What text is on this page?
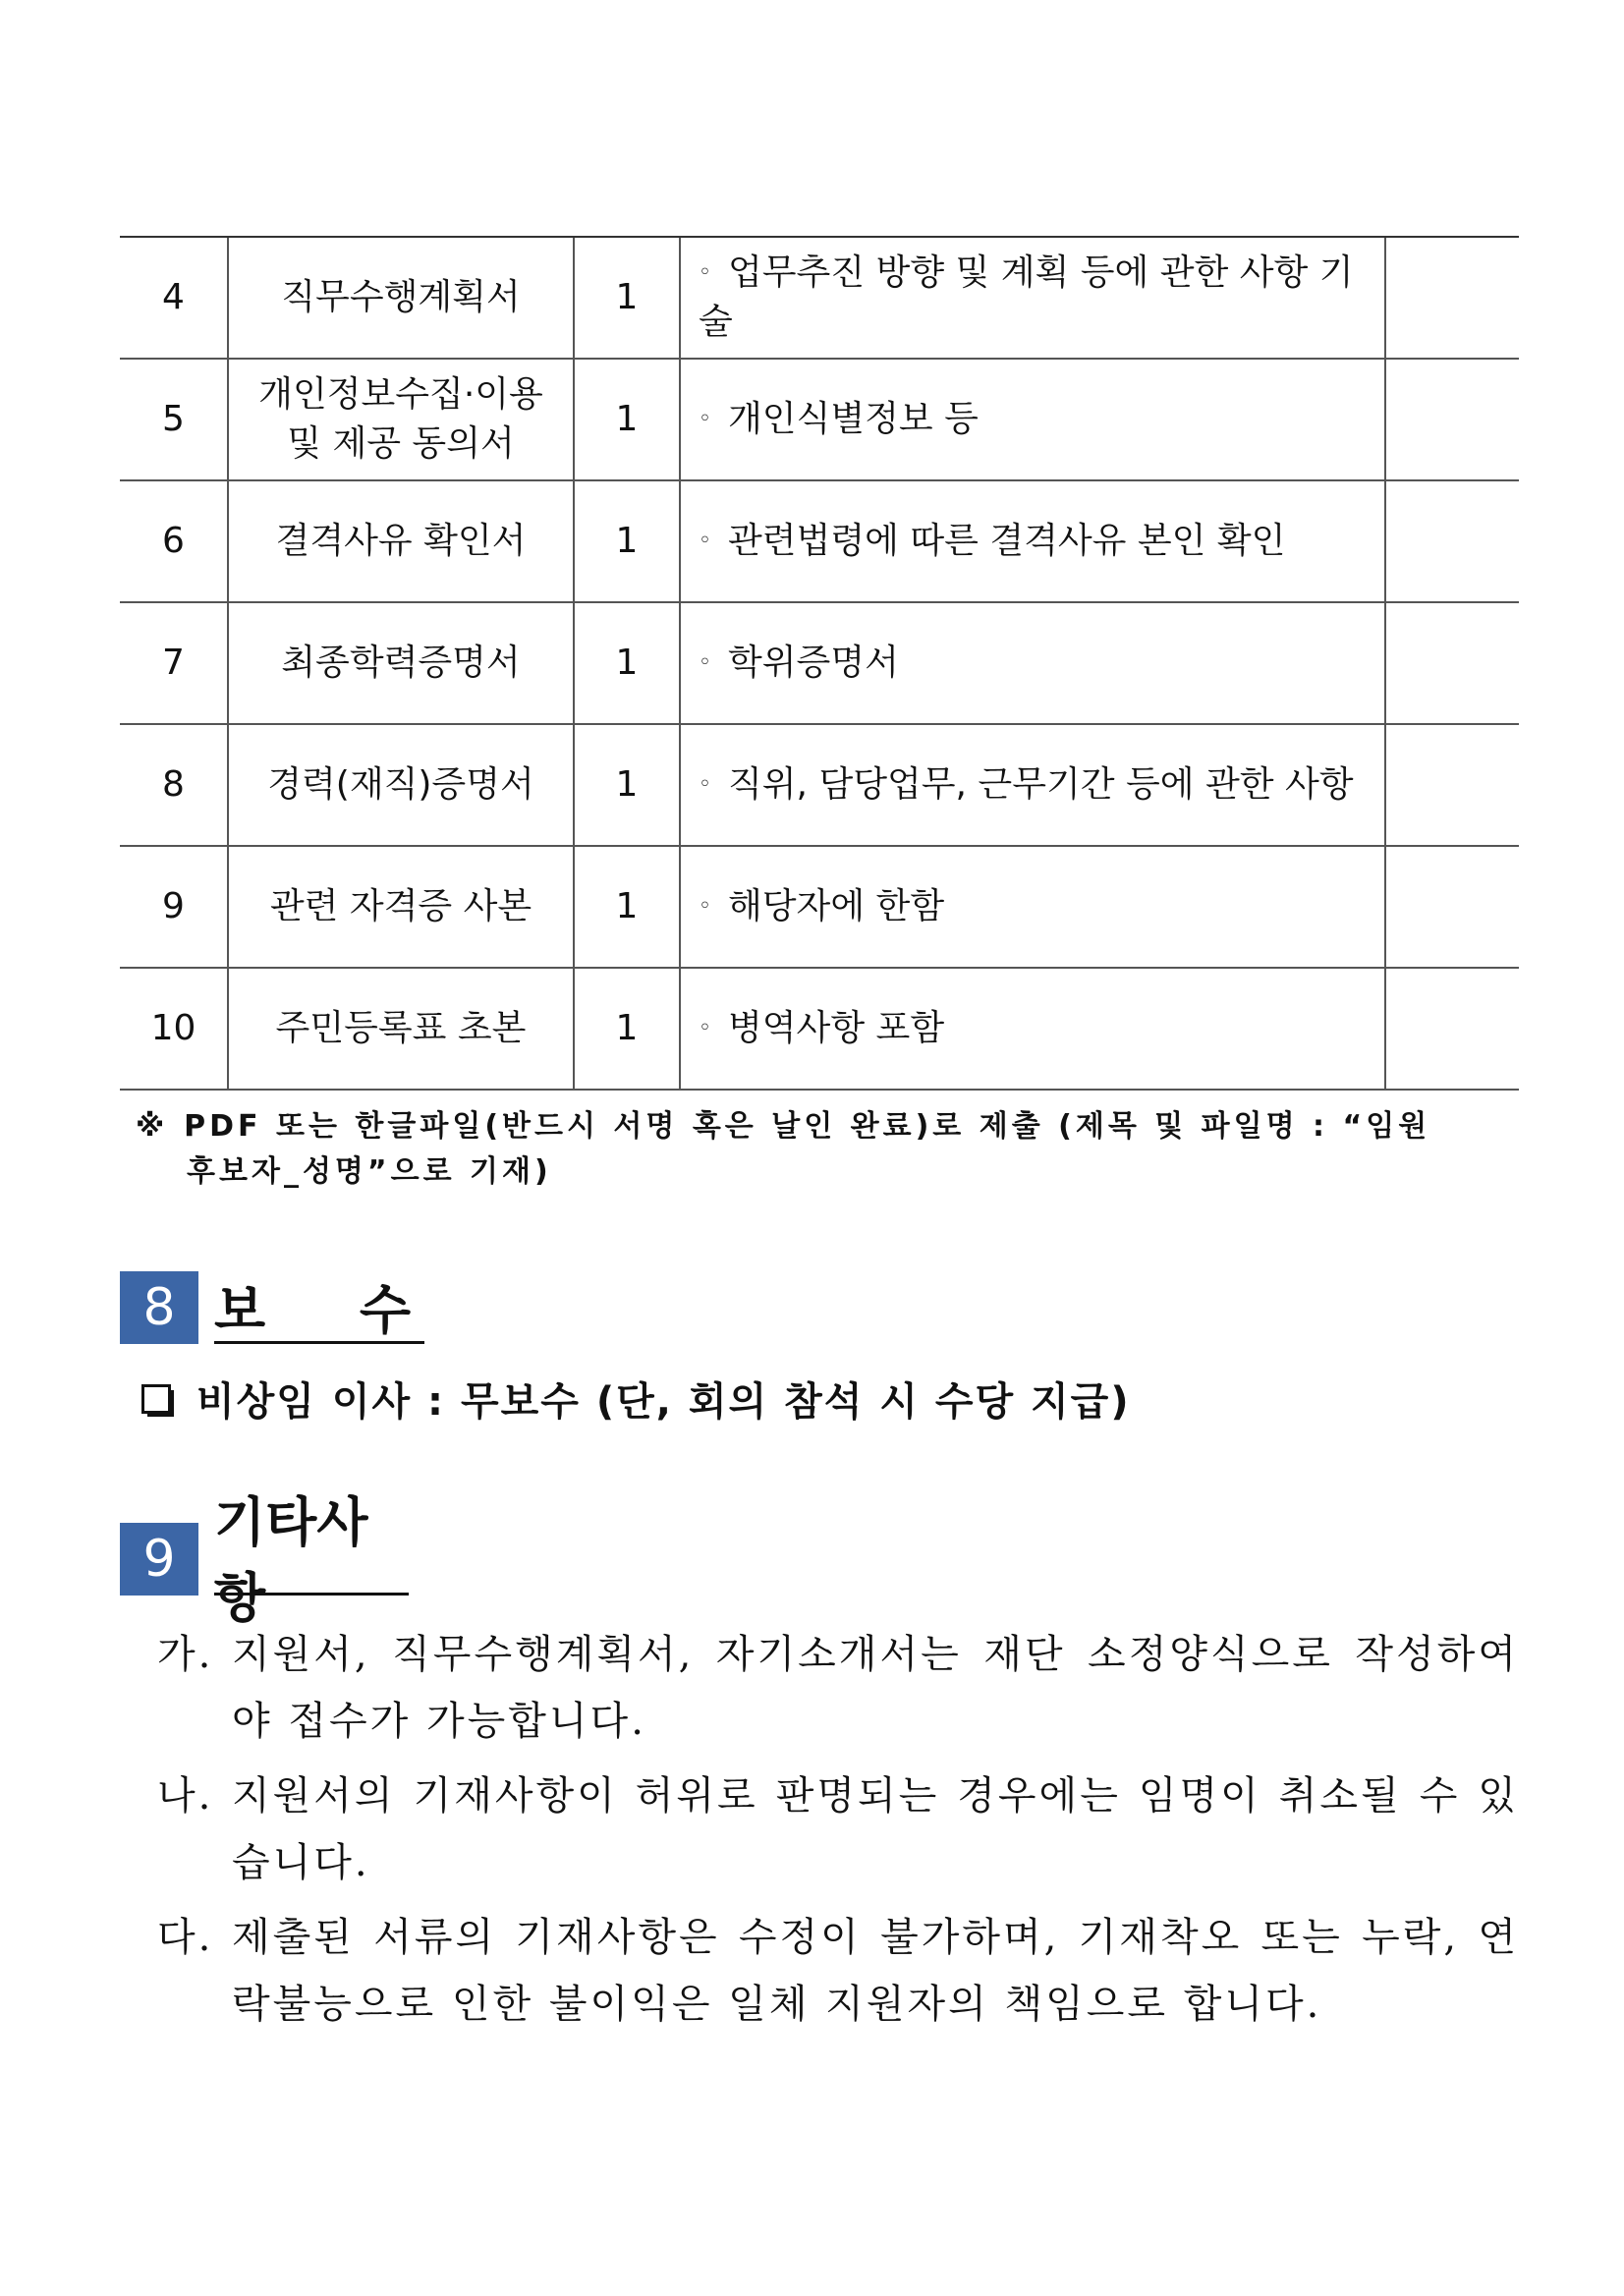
4	직무수행계획서	1	◦ 업무추진 방향 및 계획 등에 관한 사항 기술	
5	개인정보수집·이용
및 제공 동의서	1	◦ 개인식별정보 등	
6	결격사유 확인서	1	◦ 관련법령에 따른 결격사유 본인 확인	
7	최종학력증명서	1	◦ 학위증명서	
8	경력(재직)증명서	1	◦ 직위, 담당업무, 근무기간 등에 관한 사항	
9	관련 자격증 사본	1	◦ 해당자에 한함	
10	주민등록표 초본	1	◦ 병역사항 포함	
※ PDF 또는 한글파일(반드시 서명 혹은 날인 완료)로 제출 (제목 및 파일명 : “임원
후보자_성명”으로 기재)
8 보 수
비상임 이사 : 무보수 (단, 회의 참석 시 수당 지급)
9
기타사항
가. 지원서, 직무수행계획서, 자기소개서는 재단 소정양식으로 작성하여야 접수가 가능합니다.
나. 지원서의 기재사항이 허위로 판명되는 경우에는 임명이 취소될 수 있습니다.
다. 제출된 서류의 기재사항은 수정이 불가하며, 기재착오 또는 누락, 연락불능으로 인한 불이익은 일체 지원자의 책임으로 합니다.
